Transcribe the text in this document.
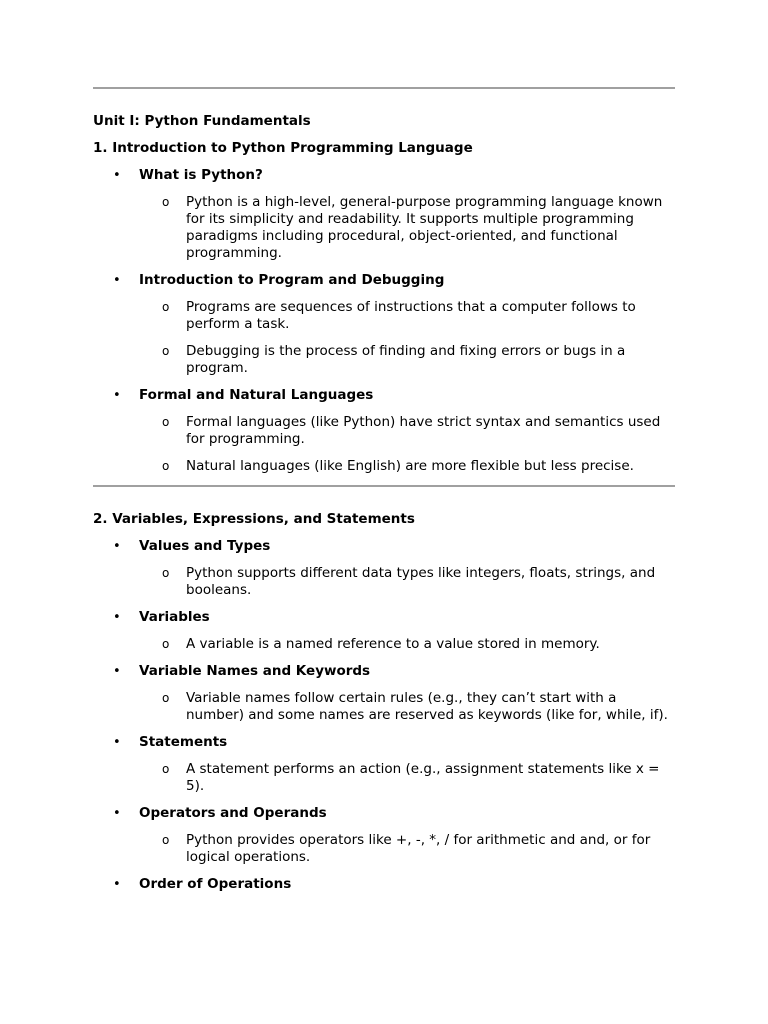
Unit I: Python Fundamentals
1. Introduction to Python Programming Language
• What is Python?
o Python is a high-level, general-purpose programming language known for its simplicity and readability. It supports multiple programming paradigms including procedural, object-oriented, and functional programming.
• Introduction to Program and Debugging
o Programs are sequences of instructions that a computer follows to perform a task.
o Debugging is the process of finding and fixing errors or bugs in a program.
• Formal and Natural Languages
o Formal languages (like Python) have strict syntax and semantics used for programming.
o Natural languages (like English) are more flexible but less precise.
2. Variables, Expressions, and Statements
• Values and Types
o Python supports different data types like integers, floats, strings, and booleans.
• Variables
o A variable is a named reference to a value stored in memory.
• Variable Names and Keywords
o Variable names follow certain rules (e.g., they can’t start with a number) and some names are reserved as keywords (like for, while, if).
• Statements
o A statement performs an action (e.g., assignment statements like x = 5).
• Operators and Operands
o Python provides operators like +, -, *, / for arithmetic and and, or for logical operations.
• Order of Operations
